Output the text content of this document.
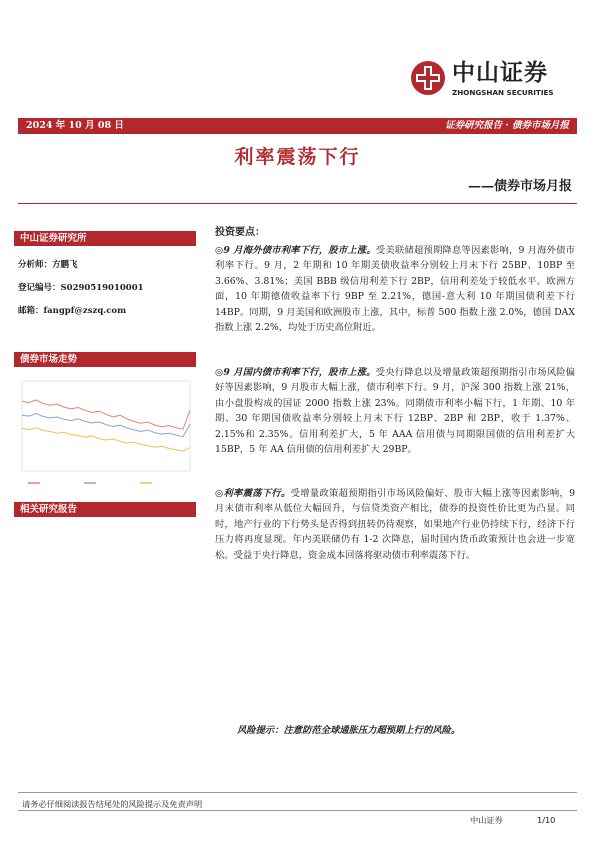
中山证券
ZHONGSHAN SECURITIES
2024 年 10 月 08 日	证券研究报告 · 债券市场月报
利率震荡下行
——债券市场月报
中山证券研究所
分析师：方鹏飞
登记编号：S0290519010001
邮箱：fangpf@zszq.com
债券市场走势
相关研究报告
投资要点：

◎9 月海外债市利率下行，股市上涨。受美联储超预期降息等因素影响，9 月海外债市利率下行。9 月，2 年期和 10 年期美债收益率分别较上月末下行 25BP、10BP 至 3.66%、3.81%；美国 BBB 级信用利差下行 2BP，信用利差处于较低水平。欧洲方面，10 年期德债收益率下行 9BP 至 2.21%，德国-意大利 10 年期国债利差下行 14BP。同期，9 月美国和欧洲股市上涨，其中，标普 500 指数上涨 2.0%，德国 DAX 指数上涨 2.2%，均处于历史高位附近。

◎9 月国内债市利率下行，股市上涨。受央行降息以及增量政策超预期指引市场风险偏好等因素影响，9 月股市大幅上涨，债市利率下行。9 月，沪深 300 指数上涨 21%，由小盘股构成的国证 2000 指数上涨 23%。同期债市利率小幅下行，1 年期、10 年期、30 年期国债收益率分别较上月末下行 12BP、2BP 和 2BP，收于 1.37%、2.15%和 2.35%。信用利差扩大，5 年 AAA 信用债与同期限国债的信用利差扩大 15BP，5 年 AA 信用债的信用利差扩大 29BP。

◎利率震荡下行。受增量政策超预期指引市场风险偏好、股市大幅上涨等因素影响，9 月末债市利率从低位大幅回升，与信贷类资产相比，债券的投资性价比更为凸显。同时，地产行业的下行势头是否得到扭转仍待观察，如果地产行业仍持续下行，经济下行压力将再度显现。年内美联储仍有 1-2 次降息，届时国内货币政策预计也会进一步宽松。受益于央行降息，资金成本回落将驱动债市利率震荡下行。

风险提示：注意防范全球通胀压力超预期上行的风险。
请务必仔细阅读报告结尾处的风险提示及免责声明
中山证券	1/10
